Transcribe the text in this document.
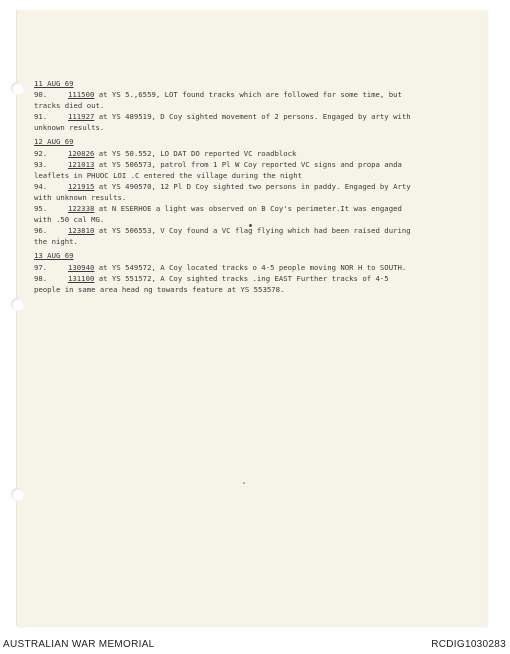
11 AUG 69
90.	111500 at YS 5.,6559, LOT found tracks which are followed for some time, but
tracks died out.
91.	111927 at YS 489519, D Coy sighted movement of 2 persons. Engaged by arty with
unknown results.
12 AUG 69
92.	120826 at YS 50.552, LO DAT DO reported VC roadblock
93.	121013 at YS 506573, patrol from 1 Pl W Coy reported VC signs and propa anda
leaflets in PHUOC LOI .C entered the village during the night
94.	121915 at YS 490570, 12 Pl D Coy sighted two persons in paddy. Engaged by Arty
with unknown results.
95.	122338 at N ESERHOE a light was observed on B Coy's perimeter.It was engaged
with .50 cal MG.
96.	123810 at YS 506553, V Coy found a VC flag flying which had been raised during
the night.
13 AUG 69
97.	130940 at YS 549572, A Coy located tracks o 4-5 people moving NOR H to SOUTH.
98.	131100 at YS 551572, A Coy sighted tracks .ing EAST Further tracks of 4-5
people in same area head ng towards feature at YS 553578.
AUSTRALIAN WAR MEMORIAL	RCDIG1030283
